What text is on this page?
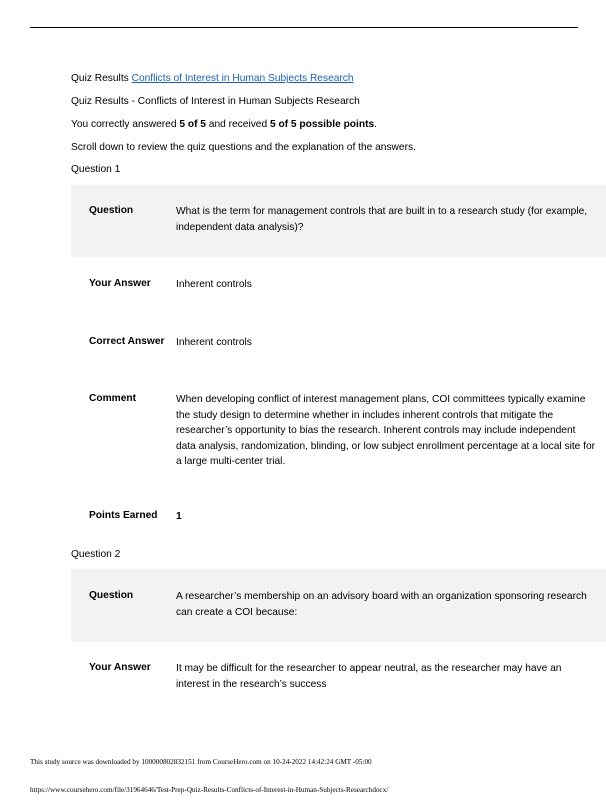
Quiz Results Conflicts of Interest in Human Subjects Research
Quiz Results - Conflicts of Interest in Human Subjects Research
You correctly answered 5 of 5 and received 5 of 5 possible points.
Scroll down to review the quiz questions and the explanation of the answers.
Question 1
Question	What is the term for management controls that are built in to a research study (for example, independent data analysis)?
Your Answer Inherent controls
Correct Answer Inherent controls
Comment	When developing conflict of interest management plans, COI committees typically examine the study design to determine whether in includes inherent controls that mitigate the researcher’s opportunity to bias the research. Inherent controls may include independent data analysis, randomization, blinding, or low subject enrollment percentage at a local site for a large multi-center trial.
Points Earned 1
Question 2
Question	A researcher’s membership on an advisory board with an organization sponsoring research can create a COI because:
Your Answer It may be difficult for the researcher to appear neutral, as the researcher may have an interest in the research’s success
This study source was downloaded by 100000802832151 from CourseHero.com on 10-24-2022 14:42:24 GMT -05:00
https://www.coursehero.com/file/31964646/Test-Prep-Quiz-Results-Conflicts-of-Interest-in-Human-Subjects-Researchdocx/
